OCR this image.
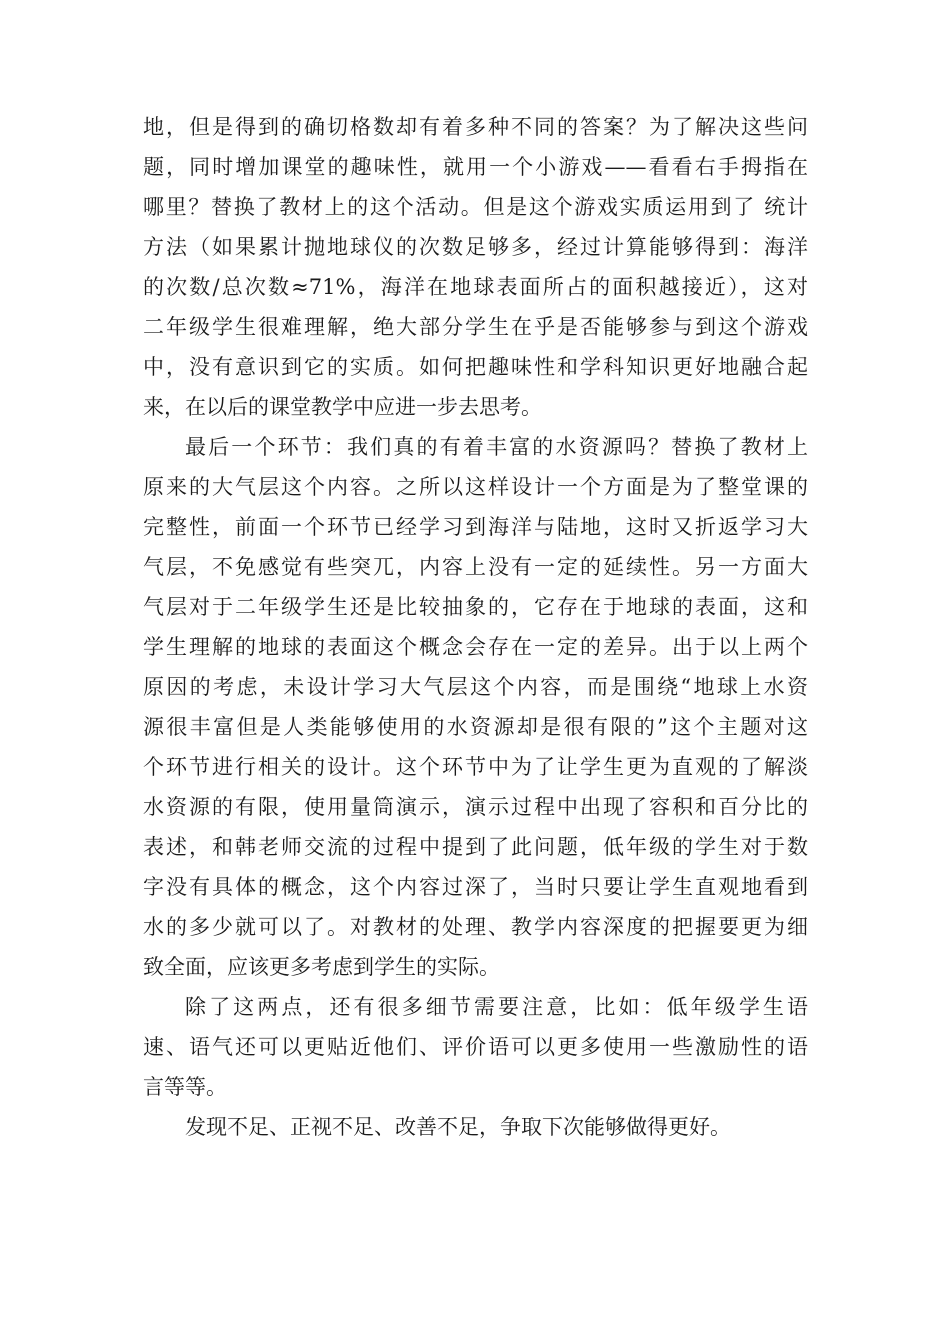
地，但是得到的确切格数却有着多种不同的答案？为了解决这些问
题，同时增加课堂的趣味性，就用一个小游戏——看看右手拇指在
哪里？替换了教材上的这个活动。但是这个游戏实质运用到了 统计
方法（如果累计抛地球仪的次数足够多，经过计算能够得到：海洋
的次数/总次数≈71%，海洋在地球表面所占的面积越接近），这对
二年级学生很难理解，绝大部分学生在乎是否能够参与到这个游戏
中，没有意识到它的实质。如何把趣味性和学科知识更好地融合起
来，在以后的课堂教学中应进一步去思考。
最后一个环节：我们真的有着丰富的水资源吗？替换了教材上
原来的大气层这个内容。之所以这样设计一个方面是为了整堂课的
完整性，前面一个环节已经学习到海洋与陆地，这时又折返学习大
气层，不免感觉有些突兀，内容上没有一定的延续性。另一方面大
气层对于二年级学生还是比较抽象的，它存在于地球的表面，这和
学生理解的地球的表面这个概念会存在一定的差异。出于以上两个
原因的考虑，未设计学习大气层这个内容，而是围绕“地球上水资
源很丰富但是人类能够使用的水资源却是很有限的”这个主题对这
个环节进行相关的设计。这个环节中为了让学生更为直观的了解淡
水资源的有限，使用量筒演示，演示过程中出现了容积和百分比的
表述，和韩老师交流的过程中提到了此问题，低年级的学生对于数
字没有具体的概念，这个内容过深了，当时只要让学生直观地看到
水的多少就可以了。对教材的处理、教学内容深度的把握要更为细
致全面，应该更多考虑到学生的实际。
除了这两点，还有很多细节需要注意，比如：低年级学生语
速、语气还可以更贴近他们、评价语可以更多使用一些激励性的语
言等等。
发现不足、正视不足、改善不足，争取下次能够做得更好。
